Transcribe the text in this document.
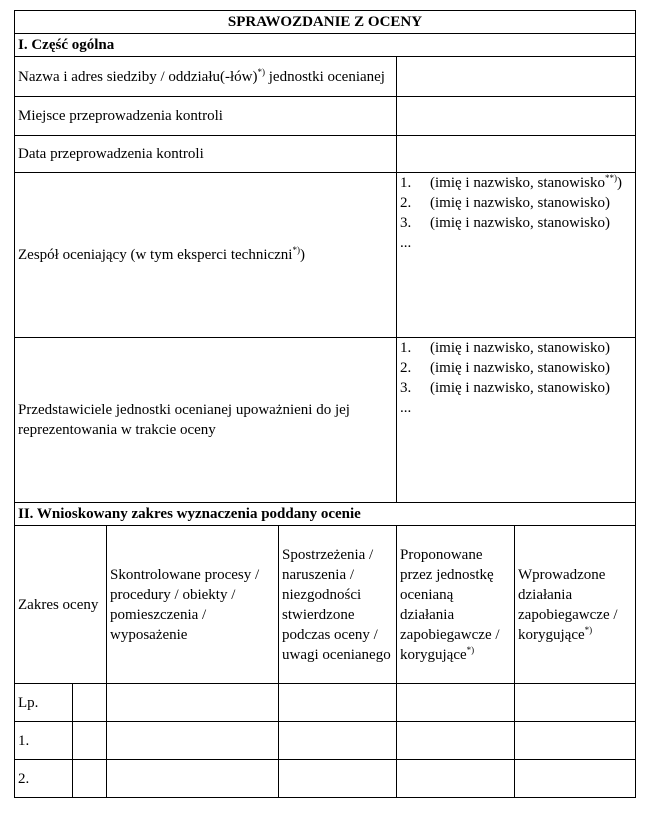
SPRAWOZDANIE Z OCENY					
I. Część ogólna					
Nazwa i adres siedziby / oddziału(-łów)*) jednostki ocenianej					
Miejsce przeprowadzenia kontroli					
Data przeprowadzenia kontroli					
Zespół oceniający (w tym eksperci techniczni*))				1. (imię i nazwisko, stanowisko**))
2. (imię i nazwisko, stanowisko)
3. (imię i nazwisko, stanowisko)
...	

Przedstawiciele jednostki ocenianej upoważnieni do jej reprezentowania w trakcie oceny				1. (imię i nazwisko, stanowisko)
2. (imię i nazwisko, stanowisko)
3. (imię i nazwisko, stanowisko)
...	

II. Wnioskowany zakres wyznaczenia poddany ocenie					
Zakres oceny		Skontrolowane procesy / procedury / obiekty / pomieszczenia / wyposażenie	Spostrzeżenia / naruszenia / niezgodności stwierdzone podczas oceny / uwagi ocenianego	Proponowane przez jednostkę ocenianą działania zapobiegawcze / korygujące*)	Wprowadzone działania zapobiegawcze / korygujące*)
Lp.					
1.					
2.					
